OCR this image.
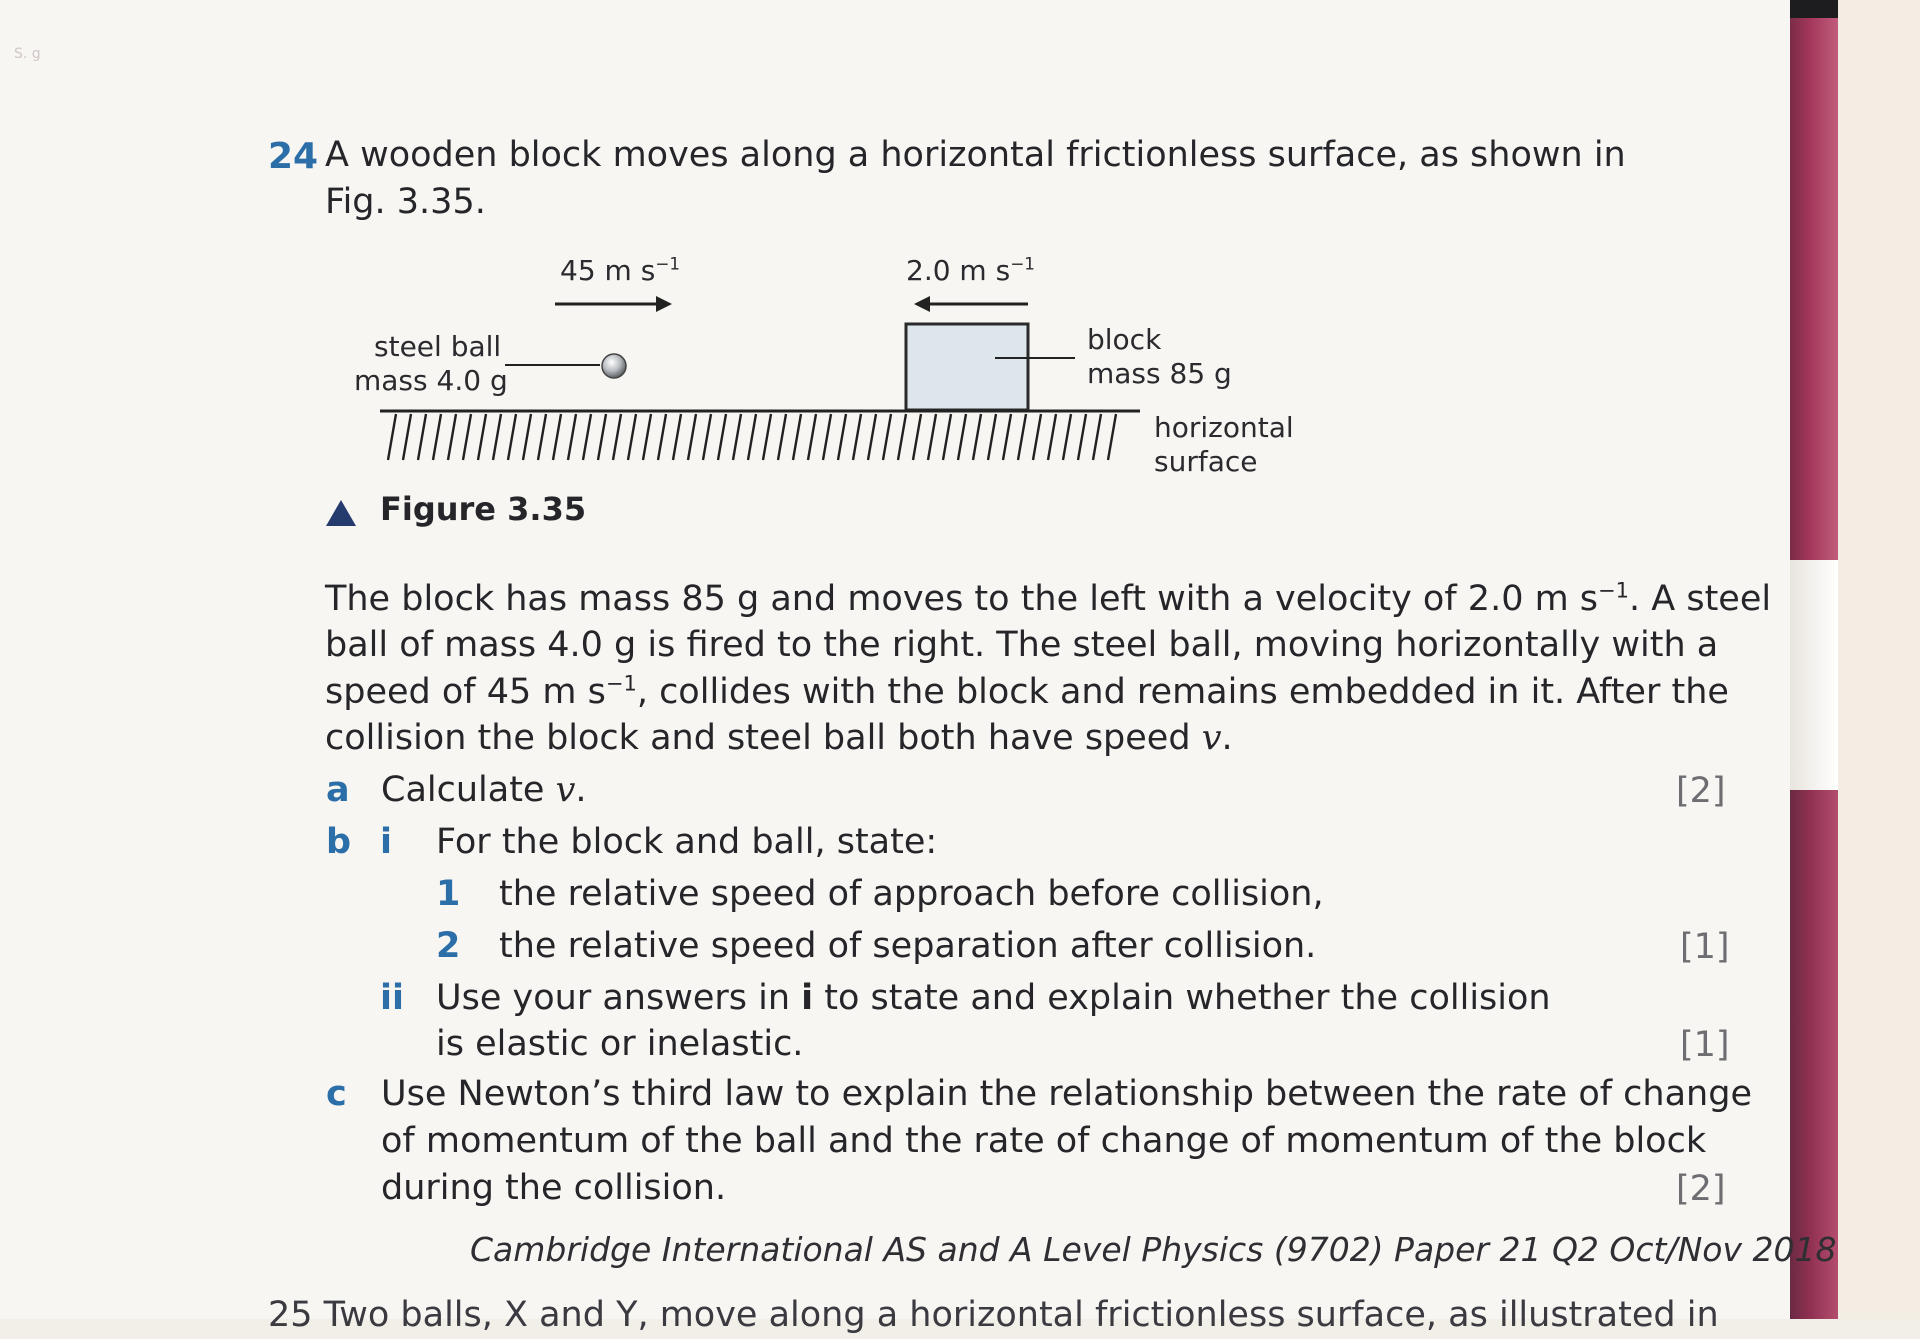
S. g
24 A wooden block moves along a horizontal frictionless surface, as shown in
Fig. 3.35.
45 m $s^{-1}$	2.0 m $s^{-1}$
steel ball
mass 4.0 g
block
mass 85 g
horizontal
surface
Figure 3.35
The block has mass 85 g and moves to the left with a velocity of 2.0 m $s^{-1}$. A steel
ball of mass 4.0 g is fired to the right. The steel ball, moving horizontally with a
speed of 45 m $s^{-1}$, collides with the block and remains embedded in it. After the
collision the block and steel ball both have speed v.
a Calculate v.	[2]
b i For the block and ball, state:
1 the relative speed of approach before collision,
2 the relative speed of separation after collision.	[1]
ii Use your answers in i to state and explain whether the collision
is elastic or inelastic.	[1]
c Use Newton’s third law to explain the relationship between the rate of change
of momentum of the ball and the rate of change of momentum of the block
during the collision.	[2]
Cambridge International AS and A Level Physics (9702) Paper 21 Q2 Oct/Nov 2018
25 Two balls, X and Y, move along a horizontal frictionless surface, as illustrated in
